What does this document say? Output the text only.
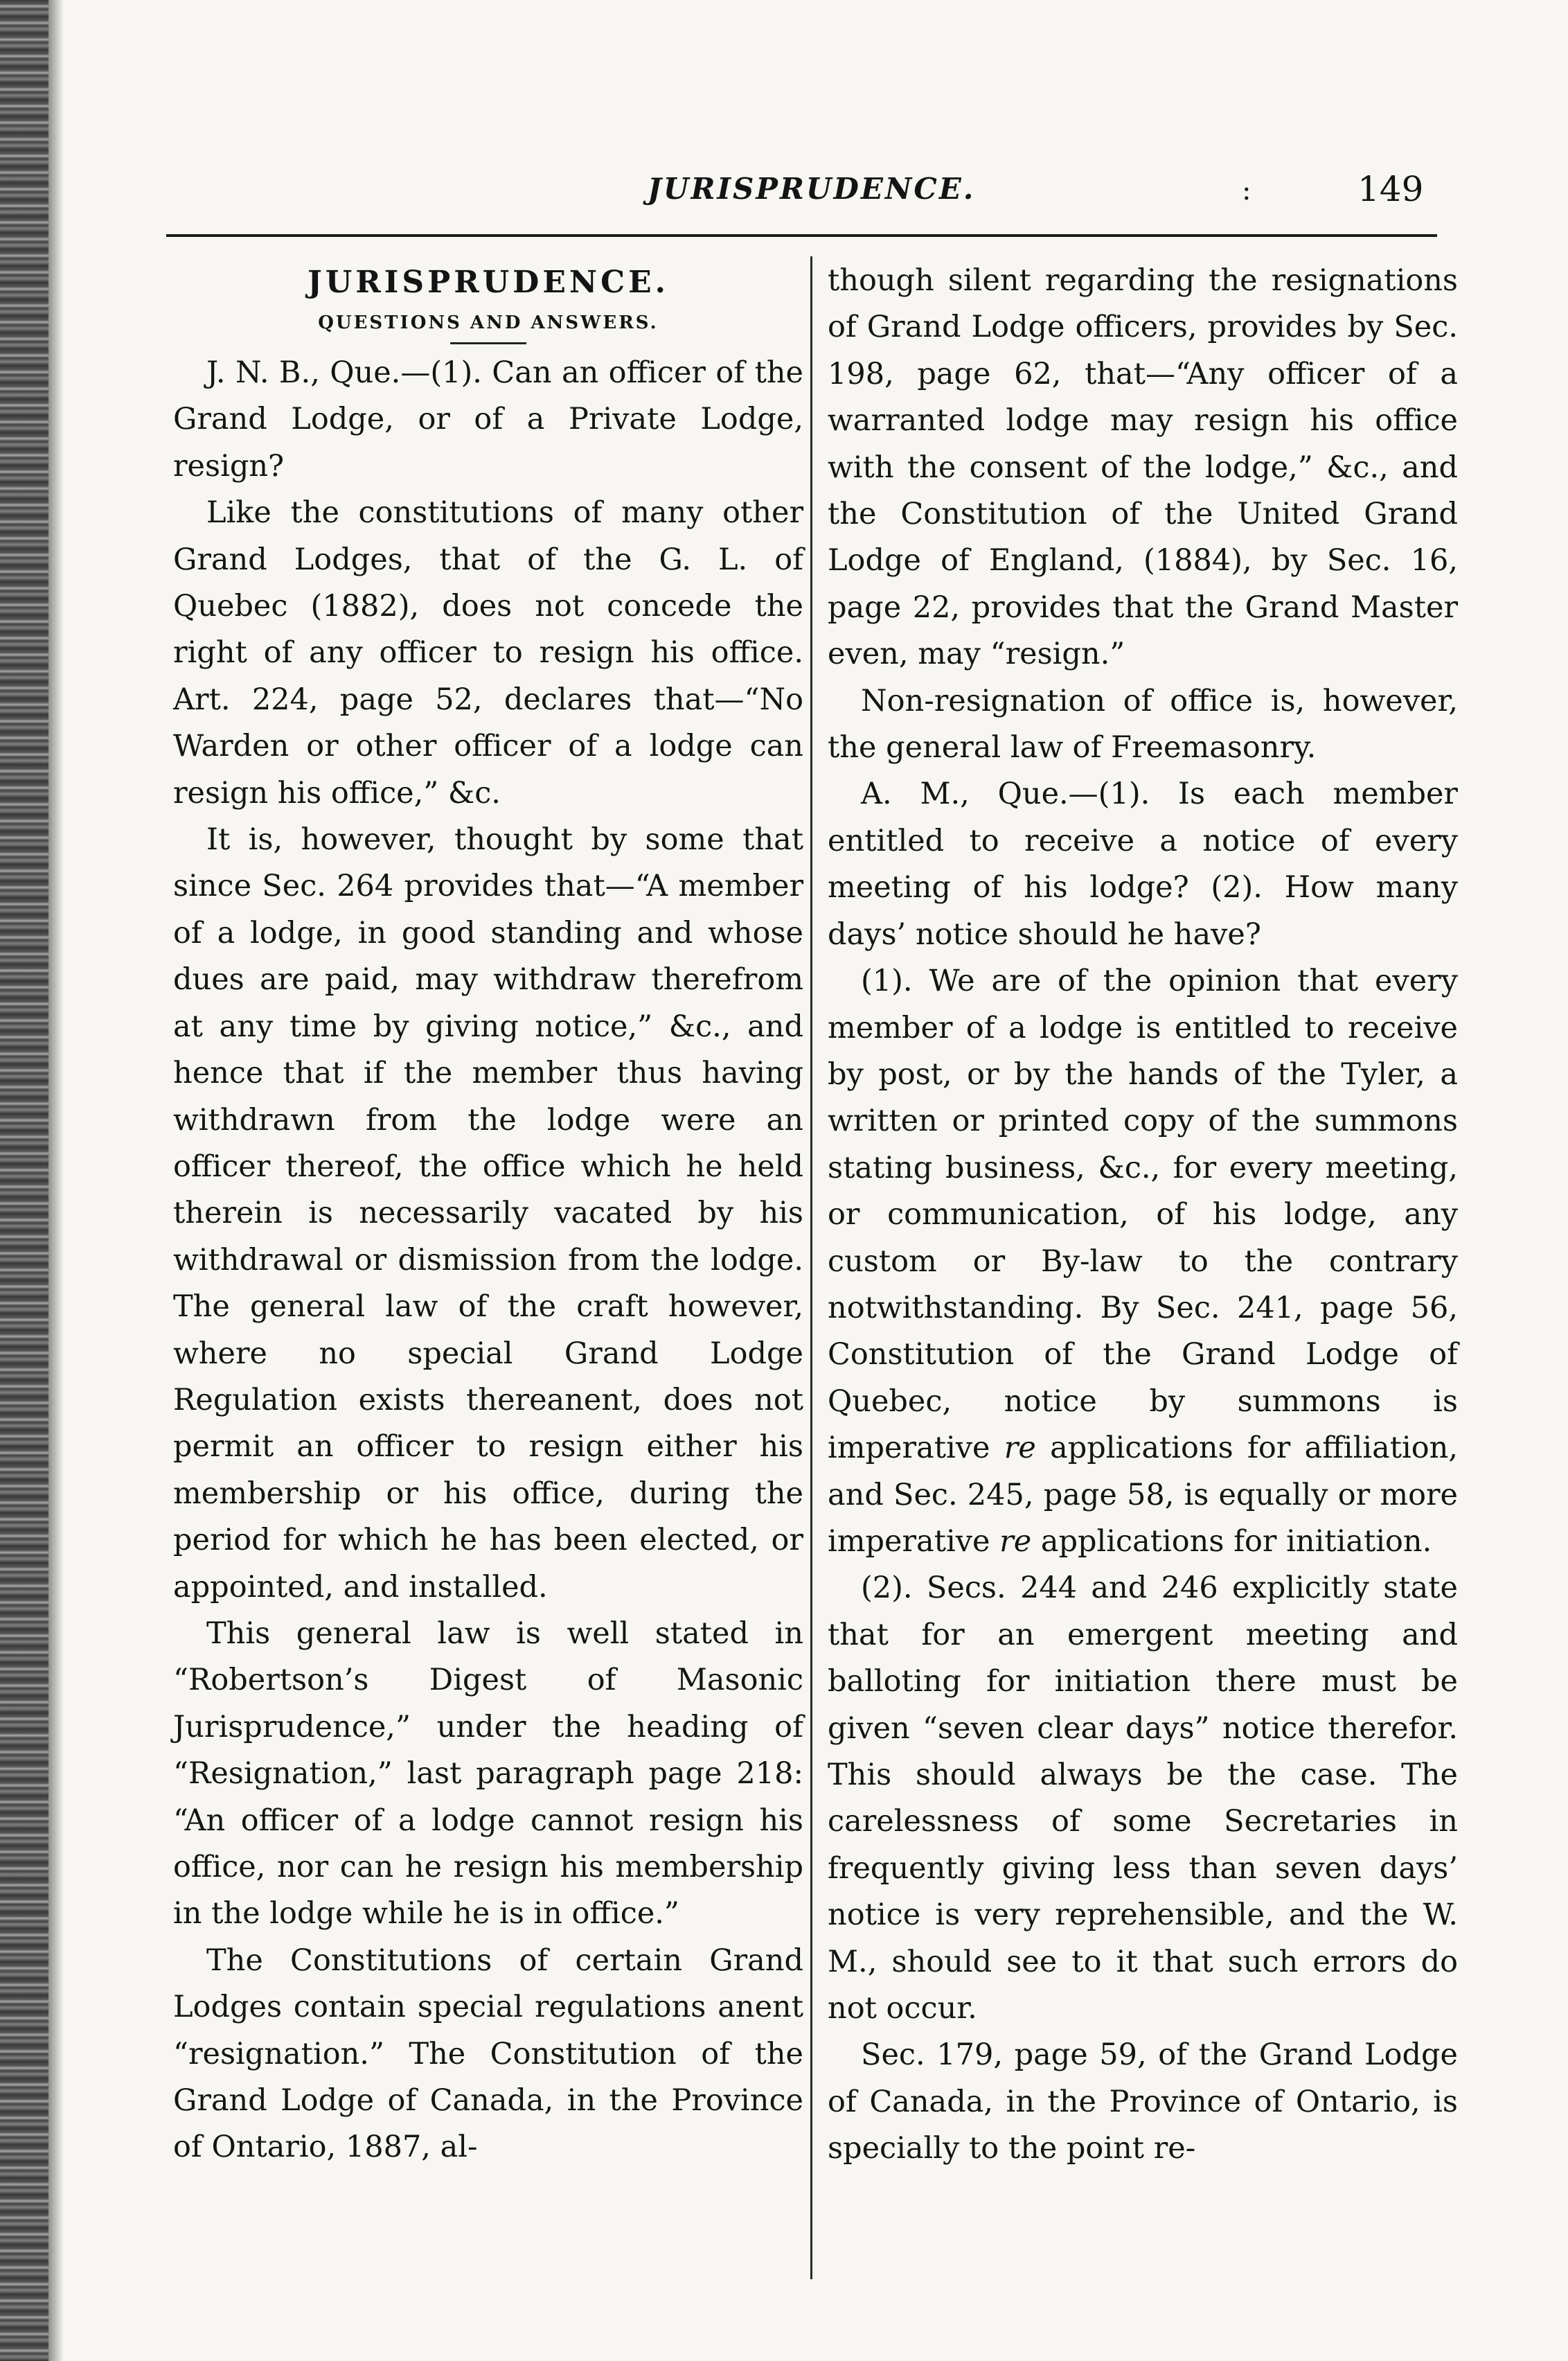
JURISPRUDENCE.	:	149
JURISPRUDENCE.
QUESTIONS AND ANSWERS.

J. N. B., Que.—(1). Can an officer of the Grand Lodge, or of a Private Lodge, resign?

Like the constitutions of many other Grand Lodges, that of the G. L. of Quebec (1882), does not concede the right of any officer to resign his office. Art. 224, page 52, declares that—“No Warden or other officer of a lodge can resign his office,” &c.

It is, however, thought by some that since Sec. 264 provides that—“A member of a lodge, in good standing and whose dues are paid, may withdraw therefrom at any time by giving notice,” &c., and hence that if the member thus having withdrawn from the lodge were an officer thereof, the office which he held therein is necessarily vacated by his withdrawal or dismission from the lodge. The general law of the craft however, where no special Grand Lodge Regulation exists thereanent, does not permit an officer to resign either his membership or his office, during the period for which he has been elected, or appointed, and installed.

This general law is well stated in “Robertson’s Digest of Masonic Jurisprudence,” under the heading of “Resignation,” last paragraph page 218: “An officer of a lodge cannot resign his office, nor can he resign his membership in the lodge while he is in office.”

The Constitutions of certain Grand Lodges contain special regulations anent “resignation.” The Constitution of the Grand Lodge of Canada, in the Province of Ontario, 1887, al-

though silent regarding the resignations of Grand Lodge officers, provides by Sec. 198, page 62, that—“Any officer of a warranted lodge may resign his office with the consent of the lodge,” &c., and the Constitution of the United Grand Lodge of England, (1884), by Sec. 16, page 22, provides that the Grand Master even, may “resign.”

Non-resignation of office is, however, the general law of Freemasonry.

A. M., Que.—(1). Is each member entitled to receive a notice of every meeting of his lodge? (2). How many days’ notice should he have?

(1). We are of the opinion that every member of a lodge is entitled to receive by post, or by the hands of the Tyler, a written or printed copy of the summons stating business, &c., for every meeting, or communication, of his lodge, any custom or By-law to the contrary notwithstanding. By Sec. 241, page 56, Constitution of the Grand Lodge of Quebec, notice by summons is imperative re applications for affiliation, and Sec. 245, page 58, is equally or more imperative re applications for initiation.

(2). Secs. 244 and 246 explicitly state that for an emergent meeting and balloting for initiation there must be given “seven clear days” notice therefor. This should always be the case. The carelessness of some Secretaries in frequently giving less than seven days’ notice is very reprehensible, and the W. M., should see to it that such errors do not occur.

Sec. 179, page 59, of the Grand Lodge of Canada, in the Province of Ontario, is specially to the point re-
